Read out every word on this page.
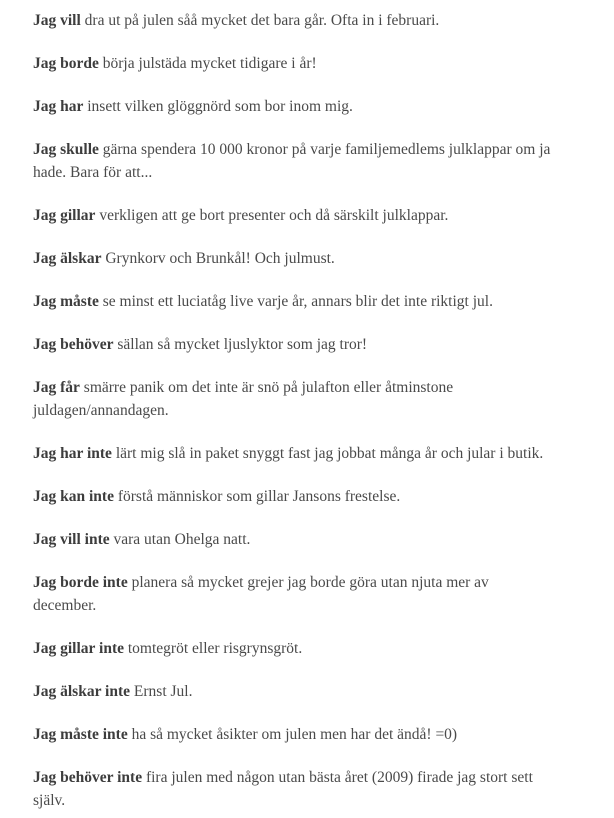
Jag vill dra ut på julen såå mycket det bara går. Ofta in i februari.

Jag borde börja julstäda mycket tidigare i år!

Jag har insett vilken glöggnörd som bor inom mig.

Jag skulle gärna spendera 10 000 kronor på varje familjemedlems julklappar om ja
hade. Bara för att...

Jag gillar verkligen att ge bort presenter och då särskilt julklappar.

Jag älskar Grynkorv och Brunkål! Och julmust.

Jag måste se minst ett luciatåg live varje år, annars blir det inte riktigt jul.

Jag behöver sällan så mycket ljuslyktor som jag tror!

Jag får smärre panik om det inte är snö på julafton eller åtminstone
juldagen/annandagen.

Jag har inte lärt mig slå in paket snyggt fast jag jobbat många år och jular i butik.

Jag kan inte förstå människor som gillar Jansons frestelse.

Jag vill inte vara utan Ohelga natt.

Jag borde inte planera så mycket grejer jag borde göra utan njuta mer av
december.

Jag gillar inte tomtegröt eller risgrynsgröt.

Jag älskar inte Ernst Jul.

Jag måste inte ha så mycket åsikter om julen men har det ändå! =0)

Jag behöver inte fira julen med någon utan bästa året (2009) firade jag stort sett
själv.
